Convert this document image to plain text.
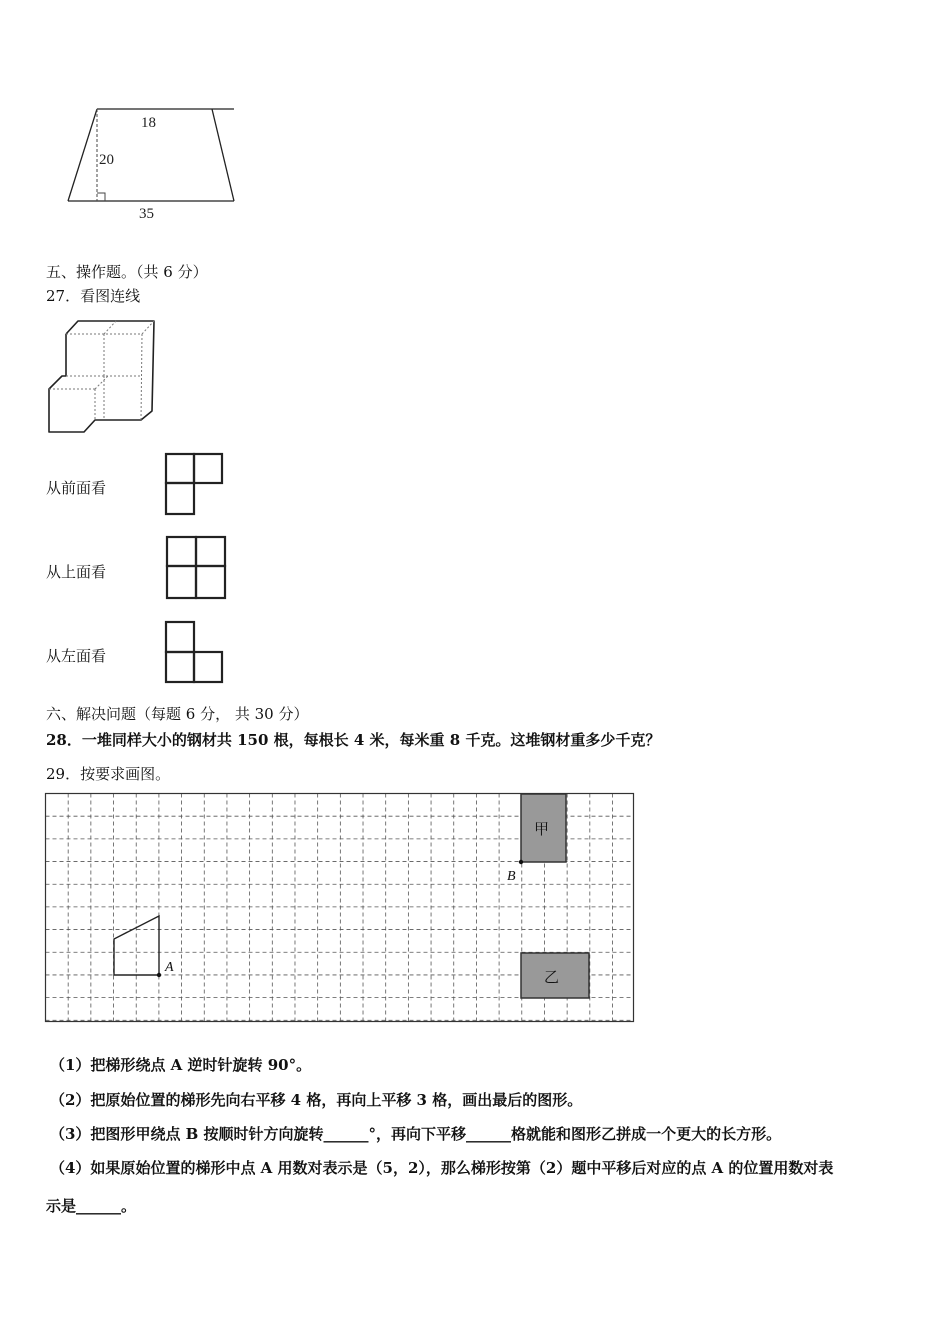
18
20
35
五、操作题。（共 6 分）
27．看图连线
从前面看
从上面看
从左面看
六、解决问题（每题 6 分， 共 30 分）
28．一堆同样大小的钢材共 150 根，每根长 4 米，每米重 8 千克。这堆钢材重多少千克？
29．按要求画图。
甲
B
乙
A
（1）把梯形绕点 A 逆时针旋转 90°。
（2）把原始位置的梯形先向右平移 4 格，再向上平移 3 格，画出最后的图形。
（3）把图形甲绕点 B 按顺时针方向旋转______°，再向下平移______格就能和图形乙拼成一个更大的长方形。
（4）如果原始位置的梯形中点 A 用数对表示是（5，2），那么梯形按第（2）题中平移后对应的点 A 的位置用数对表
示是______。
